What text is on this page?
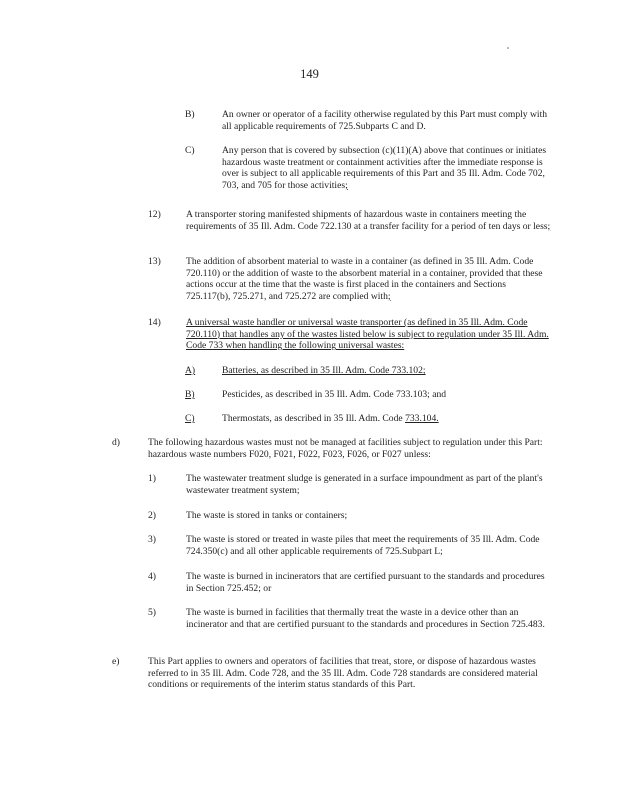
149
B)	An owner or operator of a facility otherwise regulated by this Part must comply with all applicable requirements of 725.Subparts C and D.
C)	Any person that is covered by subsection (c)(11)(A) above that continues or initiates hazardous waste treatment or containment activities after the immediate response is over is subject to all applicable requirements of this Part and 35 Ill. Adm. Code 702, 703, and 705 for those activities;
12)	A transporter storing manifested shipments of hazardous waste in containers meeting the requirements of 35 Ill. Adm. Code 722.130 at a transfer facility for a period of ten days or less;
13)	The addition of absorbent material to waste in a container (as defined in 35 Ill. Adm. Code 720.110) or the addition of waste to the absorbent material in a container, provided that these actions occur at the time that the waste is first placed in the containers and Sections 725.117(b), 725.271, and 725.272 are complied with;
14)	A universal waste handler or universal waste transporter (as defined in 35 Ill. Adm. Code 720.110) that handles any of the wastes listed below is subject to regulation under 35 Ill. Adm. Code 733 when handling the following universal wastes:
A)	Batteries, as described in 35 Ill. Adm. Code 733.102;
B)	Pesticides, as described in 35 Ill. Adm. Code 733.103; and
C)	Thermostats, as described in 35 Ill. Adm. Code 733.104.
d)	The following hazardous wastes must not be managed at facilities subject to regulation under this Part: hazardous waste numbers F020, F021, F022, F023, F026, or F027 unless:
1)	The wastewater treatment sludge is generated in a surface impoundment as part of the plant's wastewater treatment system;
2)	The waste is stored in tanks or containers;
3)	The waste is stored or treated in waste piles that meet the requirements of 35 Ill. Adm. Code 724.350(c) and all other applicable requirements of 725.Subpart L;
4)	The waste is burned in incinerators that are certified pursuant to the standards and procedures in Section 725.452; or
5)	The waste is burned in facilities that thermally treat the waste in a device other than an incinerator and that are certified pursuant to the standards and procedures in Section 725.483.
e)	This Part applies to owners and operators of facilities that treat, store, or dispose of hazardous wastes referred to in 35 Ill. Adm. Code 728, and the 35 Ill. Adm. Code 728 standards are considered material conditions or requirements of the interim status standards of this Part.
